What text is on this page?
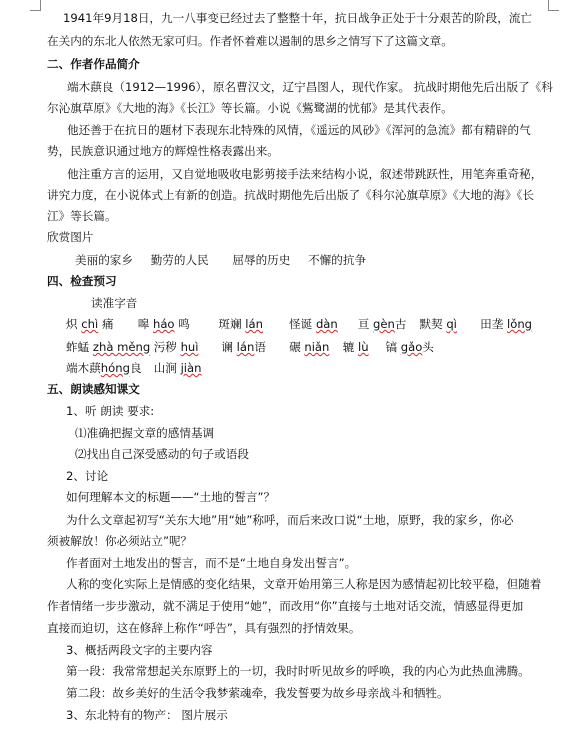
1941年9月18日，九一八事变已经过去了整整十年，抗日战争正处于十分艰苦的阶段，流亡
在关内的东北人依然无家可归。作者怀着难以遏制的思乡之情写下了这篇文章。
二、作者作品简介
端木蕻良（1912—1996），原名曹汉文，辽宁昌图人，现代作家。 抗战时期他先后出版了《科
尔沁旗草原》《大地的海》《长江》等长篇。小说《鴜鹭湖的忧郁》是其代表作。
他还善于在抗日的题材下表现东北特殊的风情，《遥远的风砂》《浑河的急流》都有精辟的气
势，民族意识通过地方的辉煌性格表露出来。
他注重方言的运用，又自觉地吸收电影剪接手法来结构小说，叙述带跳跃性，用笔奔重奇秘，
讲究力度，在小说体式上有新的创造。抗战时期他先后出版了《科尔沁旗草原》《大地的海》《长
江》等长篇。
欣赏图片
美丽的家乡 勤劳的人民 屈辱的历史 不懈的抗争
四、检查预习
读准字音
炽 chì 痛 嗥 háo 鸣 斑斓 lán 怪诞 dàn 亘 gèn古 默契 qì 田垄 lǒng
蚱蜢 zhà měng 污秽 huì 谰 lán语 碾 niǎn 辘 lù 镐 gǎo头
端木蕻hóng良 山涧 jiàn
五、朗读感知课文
1、听 朗读 要求:
⑴准确把握文章的感情基调
⑵找出自己深受感动的句子或语段
2、讨论
如何理解本文的标题——“土地的誓言”？
为什么文章起初写“关东大地”用“她”称呼，而后来改口说“土地，原野，我的家乡，你必
须被解放！你必须站立”呢？
作者面对土地发出的誓言，而不是“土地自身发出誓言”。
人称的变化实际上是情感的变化结果，文章开始用第三人称是因为感情起初比较平稳，但随着
作者情绪一步步激动，就不满足于使用“她”，而改用“你”直接与土地对话交流，情感显得更加
直接而迫切，这在修辞上称作“呼告”，具有强烈的抒情效果。
3、概括两段文字的主要内容
第一段：我常常想起关东原野上的一切，我时时听见故乡的呼唤，我的内心为此热血沸腾。
第二段：故乡美好的生活令我梦萦魂牵，我发誓要为故乡母亲战斗和牺牲。
3、东北特有的物产： 图片展示
